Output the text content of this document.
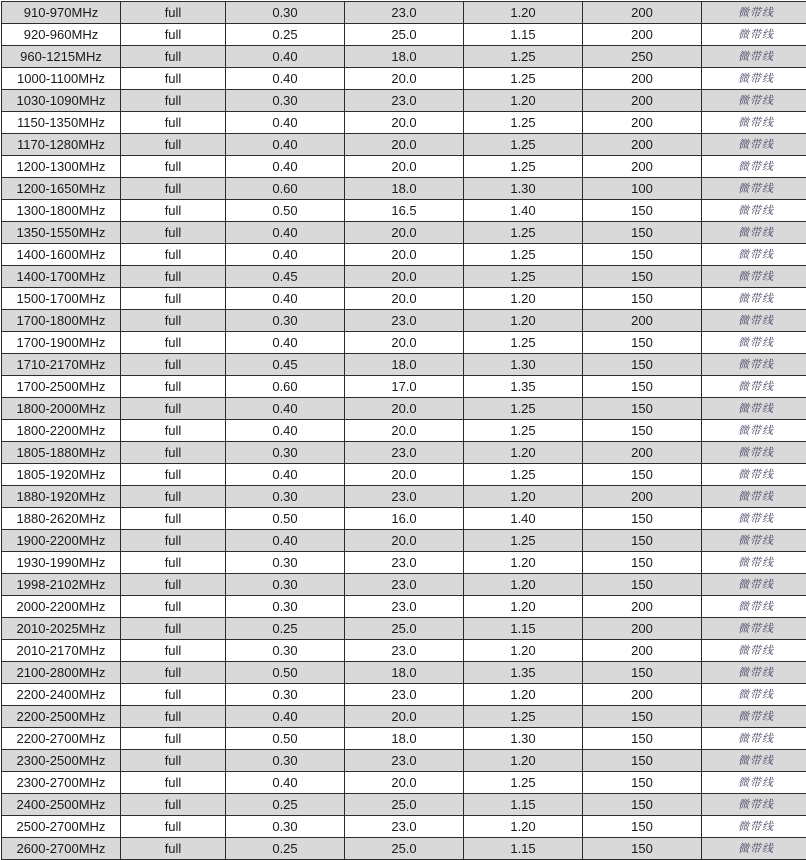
910-970MHz	full	0.30	23.0	1.20	200	微带线
920-960MHz	full	0.25	25.0	1.15	200	微带线
960-1215MHz	full	0.40	18.0	1.25	250	微带线
1000-1100MHz	full	0.40	20.0	1.25	200	微带线
1030-1090MHz	full	0.30	23.0	1.20	200	微带线
1150-1350MHz	full	0.40	20.0	1.25	200	微带线
1170-1280MHz	full	0.40	20.0	1.25	200	微带线
1200-1300MHz	full	0.40	20.0	1.25	200	微带线
1200-1650MHz	full	0.60	18.0	1.30	100	微带线
1300-1800MHz	full	0.50	16.5	1.40	150	微带线
1350-1550MHz	full	0.40	20.0	1.25	150	微带线
1400-1600MHz	full	0.40	20.0	1.25	150	微带线
1400-1700MHz	full	0.45	20.0	1.25	150	微带线
1500-1700MHz	full	0.40	20.0	1.20	150	微带线
1700-1800MHz	full	0.30	23.0	1.20	200	微带线
1700-1900MHz	full	0.40	20.0	1.25	150	微带线
1710-2170MHz	full	0.45	18.0	1.30	150	微带线
1700-2500MHz	full	0.60	17.0	1.35	150	微带线
1800-2000MHz	full	0.40	20.0	1.25	150	微带线
1800-2200MHz	full	0.40	20.0	1.25	150	微带线
1805-1880MHz	full	0.30	23.0	1.20	200	微带线
1805-1920MHz	full	0.40	20.0	1.25	150	微带线
1880-1920MHz	full	0.30	23.0	1.20	200	微带线
1880-2620MHz	full	0.50	16.0	1.40	150	微带线
1900-2200MHz	full	0.40	20.0	1.25	150	微带线
1930-1990MHz	full	0.30	23.0	1.20	150	微带线
1998-2102MHz	full	0.30	23.0	1.20	150	微带线
2000-2200MHz	full	0.30	23.0	1.20	200	微带线
2010-2025MHz	full	0.25	25.0	1.15	200	微带线
2010-2170MHz	full	0.30	23.0	1.20	200	微带线
2100-2800MHz	full	0.50	18.0	1.35	150	微带线
2200-2400MHz	full	0.30	23.0	1.20	200	微带线
2200-2500MHz	full	0.40	20.0	1.25	150	微带线
2200-2700MHz	full	0.50	18.0	1.30	150	微带线
2300-2500MHz	full	0.30	23.0	1.20	150	微带线
2300-2700MHz	full	0.40	20.0	1.25	150	微带线
2400-2500MHz	full	0.25	25.0	1.15	150	微带线
2500-2700MHz	full	0.30	23.0	1.20	150	微带线
2600-2700MHz	full	0.25	25.0	1.15	150	微带线
